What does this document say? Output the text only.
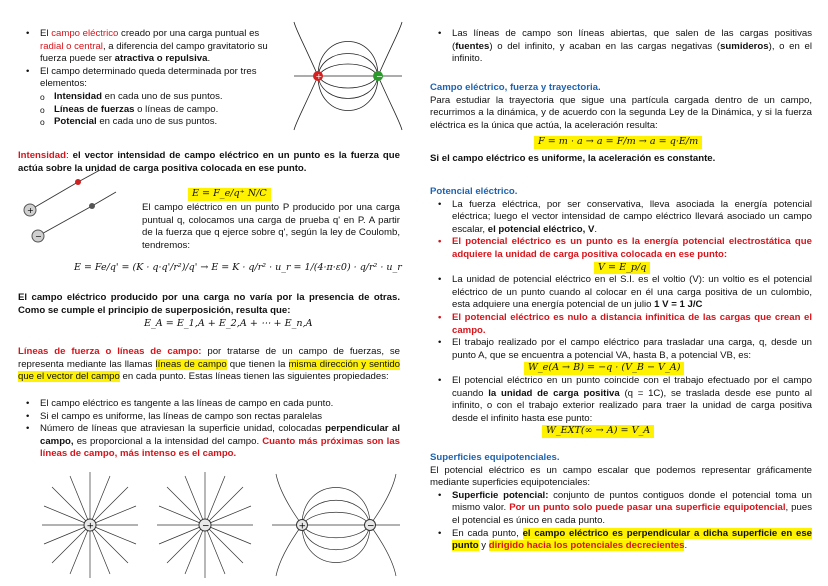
• El campo eléctrico creado por una carga puntual es radial o central, a diferencia del campo gravitatorio su fuerza puede ser atractiva o repulsiva.
• El campo determinado queda determinada por tres elementos:
o Intensidad en cada uno de sus puntos.
o Líneas de fuerzas o líneas de campo.
o Potencial en cada uno de sus puntos.
+	−
Intensidad: el vector intensidad de campo eléctrico en un punto es la fuerza que actúa sobre la unidad de carga positiva colocada en ese punto.
+
−
E = F_e/q⁺ N/C
El campo eléctrico en un punto P producido por una carga puntual q, colocamos una carga de prueba q' en P. A partir de la fuerza que q ejerce sobre q', según la ley de Coulomb, tendremos:
E = Fe/q' = (K · q·q'/r²)/q' → E = K · q/r² · u_r = 1/(4·π·ε0) · q/r² · u_r
El campo eléctrico producido por una carga no varía por la presencia de otras. Como se cumple el principio de superposición, resulta que:
E_A = E_1,A + E_2,A + ⋯ + E_n,A
Líneas de fuerza o líneas de campo: por tratarse de un campo de fuerzas, se representa mediante las llamas líneas de campo que tienen la misma dirección y sentido que el vector del campo en cada punto. Estas líneas tienen las siguientes propiedades:
• El campo eléctrico es tangente a las líneas de campo en cada punto.
• Si el campo es uniforme, las líneas de campo son rectas paralelas
• Número de líneas que atraviesan la superficie unidad, colocadas perpendicular al campo, es proporcional a la intensidad del campo. Cuanto más próximas son las líneas de campo, más intenso es el campo.
+	−	+	−
• Las líneas de campo son líneas abiertas, que salen de las cargas positivas (fuentes) o del infinito, y acaban en las cargas negativas (sumideros), o en el infinito.
Campo eléctrico, fuerza y trayectoria.
Para estudiar la trayectoria que sigue una partícula cargada dentro de un campo, recurrimos a la dinámica, y de acuerdo con la segunda Ley de la Dinámica, y si la fuerza eléctrica es la única que actúa, la aceleración resulta:
F = m · a → a = F/m → a = q·E/m
Si el campo eléctrico es uniforme, la aceleración es constante.
Potencial eléctrico.
• La fuerza eléctrica, por ser conservativa, lleva asociada la energía potencial eléctrica; luego el vector intensidad de campo eléctrico llevará asociado un campo escalar, el potencial eléctrico, V.
• El potencial eléctrico es un punto es la energía potencial electrostática que adquiere la unidad de carga positiva colocada en ese punto:
V = E_p/q
• La unidad de potencial eléctrico en el S.I. es el voltio (V): un voltio es el potencial eléctrico de un punto cuando al colocar en él una carga positiva de un culombio, esta adquiere una energía potencial de un julio 1 V = 1 J/C
• El potencial eléctrico es nulo a distancia infinitica de las cargas que crean el campo.
• El trabajo realizado por el campo eléctrico para trasladar una carga, q, desde un punto A, que se encuentra a potencial VA, hasta B, a potencial VB, es:
W_e(A → B) = −q · (V_B − V_A)
• El potencial eléctrico en un punto coincide con el trabajo efectuado por el campo cuando la unidad de carga positiva (q = 1C), se traslada desde ese punto al infinito, o con el trabajo exterior realizado para traer la unidad de carga positiva desde el infinito hasta ese punto:
W_EXT(∞ → A) = V_A
Superficies equipotenciales.
El potencial eléctrico es un campo escalar que podemos representar gráficamente mediante superficies equipotenciales:
• Superficie potencial: conjunto de puntos contiguos donde el potencial toma un mismo valor. Por un punto solo puede pasar una superficie equipotencial, pues el potencial es único en cada punto.
• En cada punto, el campo eléctrico es perpendicular a dicha superficie en ese punto y dirigido hacia los potenciales decrecientes.
